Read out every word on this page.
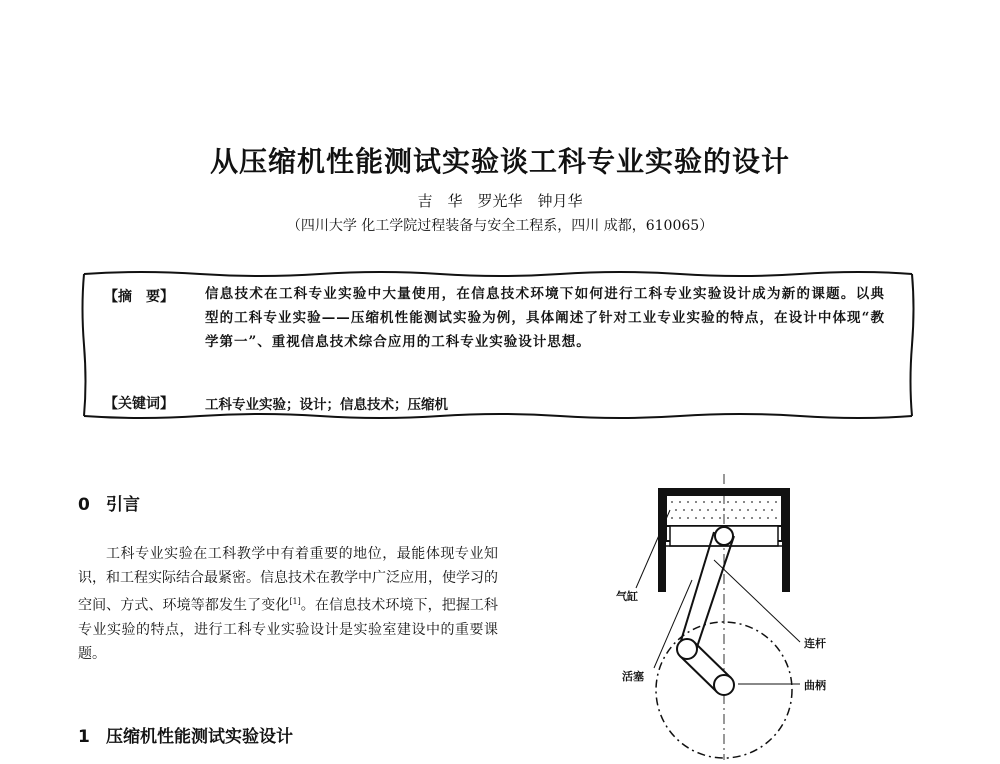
从压缩机性能测试实验谈工科专业实验的设计
吉　华　罗光华　钟月华
（四川大学 化工学院过程装备与安全工程系，四川 成都，610065）
【摘　要】 信息技术在工科专业实验中大量使用，在信息技术环境下如何进行工科专业实验设计成为新的课题。以典型的工科专业实验——压缩机性能测试实验为例，具体阐述了针对工业专业实验的特点，在设计中体现“教学第一”、重视信息技术综合应用的工科专业实验设计思想。
【关键词】 工科专业实验；设计；信息技术；压缩机
0 引言

工科专业实验在工科教学中有着重要的地位，最能体现专业知识，和工程实际结合最紧密。信息技术在教学中广泛应用，使学习的空间、方式、环境等都发生了变化[1]。在信息技术环境下，把握工科专业实验的特点，进行工科专业实验设计是实验室建设中的重要课题。

1 压缩机性能测试实验设计
气缸
活塞
连杆
曲柄
